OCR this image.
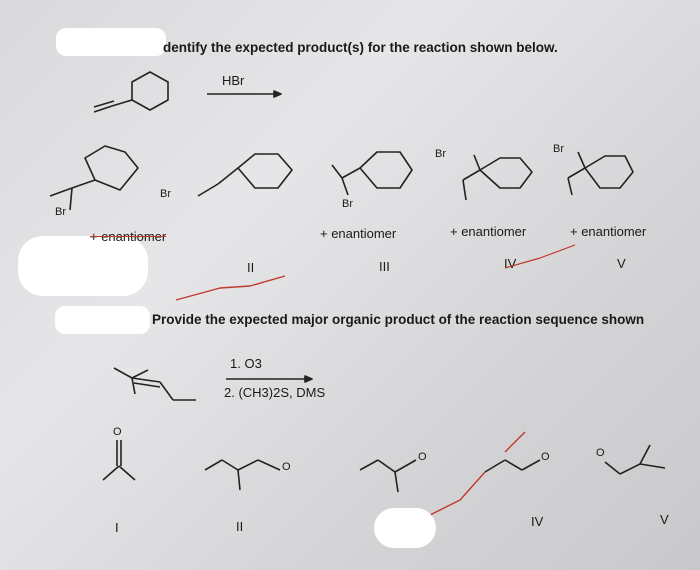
dentify the expected product(s) for the reaction shown below.
HBr
Br
Br
Br
Br	Br
+ enantiomer	+ enantiomer	+ enantiomer	+ enantiomer
II	III	IV	V
Provide the expected major organic product of the reaction sequence shown
1. O3
2. (CH3)2S, DMS
O
O
O	O	O
I	II	IV	V
